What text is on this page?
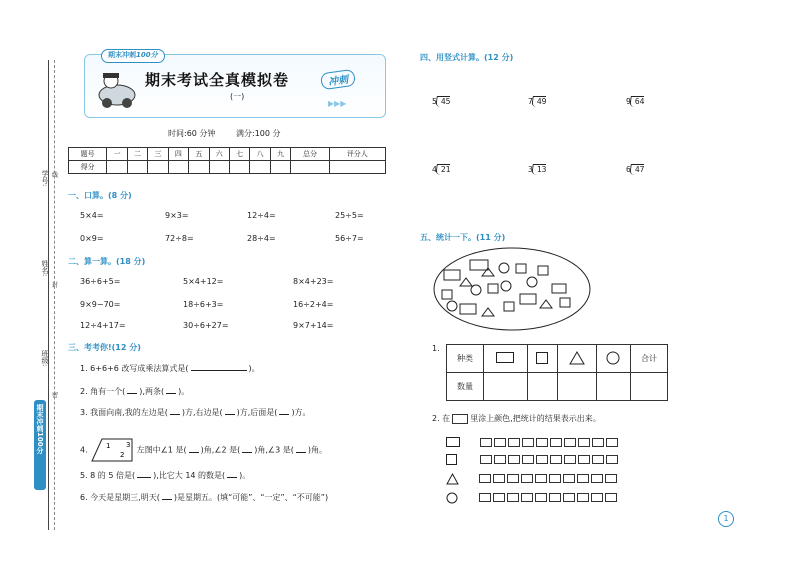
学号:
姓名:
班级:
线
封
密
期末冲刺100分
期末冲刺100分
期末考试全真模拟卷
(一)
冲刺
▶▶▶
时间:60 分钟	满分:100 分
题号	一	二	三	四	五	六	七	八	九	总分	评分人
得分											
一、口算。(8 分)
5×4=	9×3=	12÷4=	25÷5=
0×9=	72÷8=	28÷4=	56÷7=
二、算一算。(18 分)
36÷6+5=	5×4+12=	8×4+23=
9×9−70=	18÷6+3=	16÷2+4=
12÷4+17=	30÷6+27=	9×7+14=
三、考考你!(12 分)
1. 6+6+6 改写成乘法算式是(	)。
2. 角有一个( ),两条( )。
3. 我面向南,我的左边是( )方,右边是( )方,后面是( )方。
4.	1
2
3
左图中∠1 是( )角,∠2 是( )角,∠3 是( )角。
5. 8 的 5 倍是( ),比它大 14 的数是( )。
6. 今天是星期三,明天( )是星期五。(填“可能”、“一定”、“不可能”)
四、用竖式计算。(12 分)
5 45	7 49	9 64
4 21	3 13	6 47
五、统计一下。(11 分)
1.
种类					合计
数量					
2. 在	里涂上颜色,把统计的结果表示出来。
1
